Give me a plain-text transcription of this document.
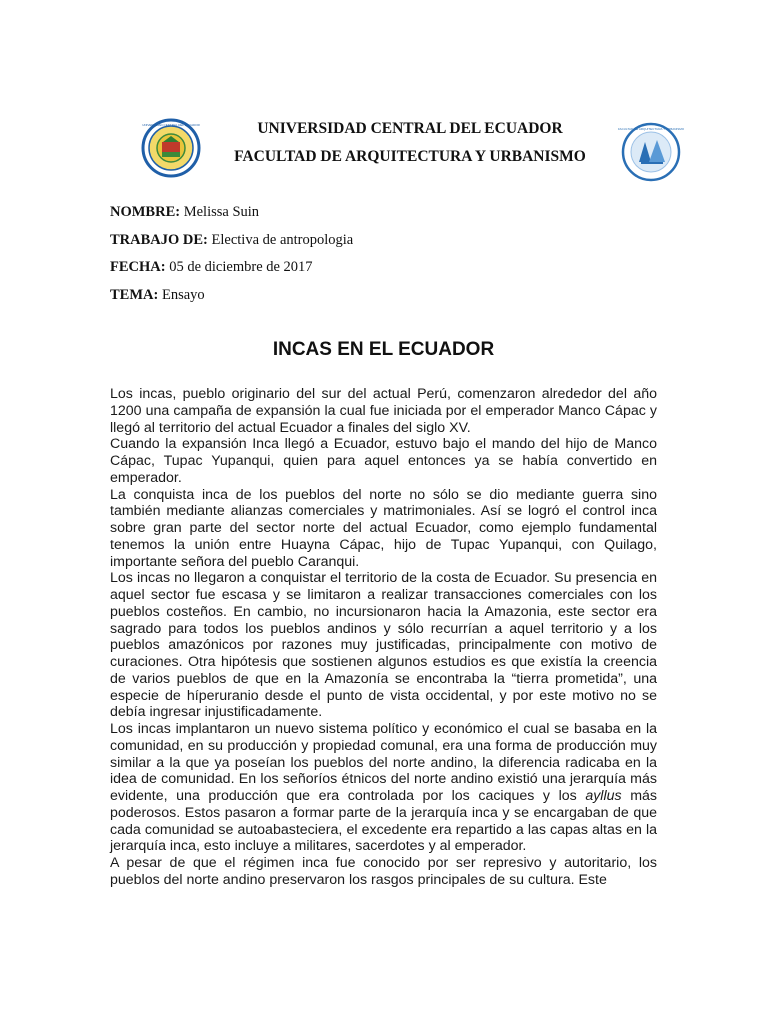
UNIVERSIDAD CENTRAL DEL ECUADOR	UNIVERSIDAD CENTRAL DEL ECUADOR
FACULTAD DE ARQUITECTURA Y URBANISMO
FACULTAD DE ARQUITECTURA Y URBANISMO
NOMBRE: Melissa Suin
TRABAJO DE: Electiva de antropologia
FECHA: 05 de diciembre de 2017
TEMA: Ensayo
INCAS EN EL ECUADOR

Los incas, pueblo originario del sur del actual Perú, comenzaron alrededor del año 1200 una campaña de expansión la cual fue iniciada por el emperador Manco Cápac y llegó al territorio del actual Ecuador a finales del siglo XV.

Cuando la expansión Inca llegó a Ecuador, estuvo bajo el mando del hijo de Manco Cápac, Tupac Yupanqui, quien para aquel entonces ya se había convertido en emperador.

La conquista inca de los pueblos del norte no sólo se dio mediante guerra sino también mediante alianzas comerciales y matrimoniales. Así se logró el control inca sobre gran parte del sector norte del actual Ecuador, como ejemplo fundamental tenemos la unión entre Huayna Cápac, hijo de Tupac Yupanqui, con Quilago, importante señora del pueblo Caranqui.

Los incas no llegaron a conquistar el territorio de la costa de Ecuador. Su presencia en aquel sector fue escasa y se limitaron a realizar transacciones comerciales con los pueblos costeños. En cambio, no incursionaron hacia la Amazonia, este sector era sagrado para todos los pueblos andinos y sólo recurrían a aquel territorio y a los pueblos amazónicos por razones muy justificadas, principalmente con motivo de curaciones. Otra hipótesis que sostienen algunos estudios es que existía la creencia de varios pueblos de que en la Amazonía se encontraba la “tierra prometida”, una especie de híperuranio desde el punto de vista occidental, y por este motivo no se debía ingresar injustificadamente.

Los incas implantaron un nuevo sistema político y económico el cual se basaba en la comunidad, en su producción y propiedad comunal, era una forma de producción muy similar a la que ya poseían los pueblos del norte andino, la diferencia radicaba en la idea de comunidad. En los señoríos étnicos del norte andino existió una jerarquía más evidente, una producción que era controlada por los caciques y los ayllus más poderosos. Estos pasaron a formar parte de la jerarquía inca y se encargaban de que cada comunidad se autoabasteciera, el excedente era repartido a las capas altas en la jerarquía inca, esto incluye a militares, sacerdotes y al emperador.

A pesar de que el régimen inca fue conocido por ser represivo y autoritario, los pueblos del norte andino preservaron los rasgos principales de su cultura. Este
